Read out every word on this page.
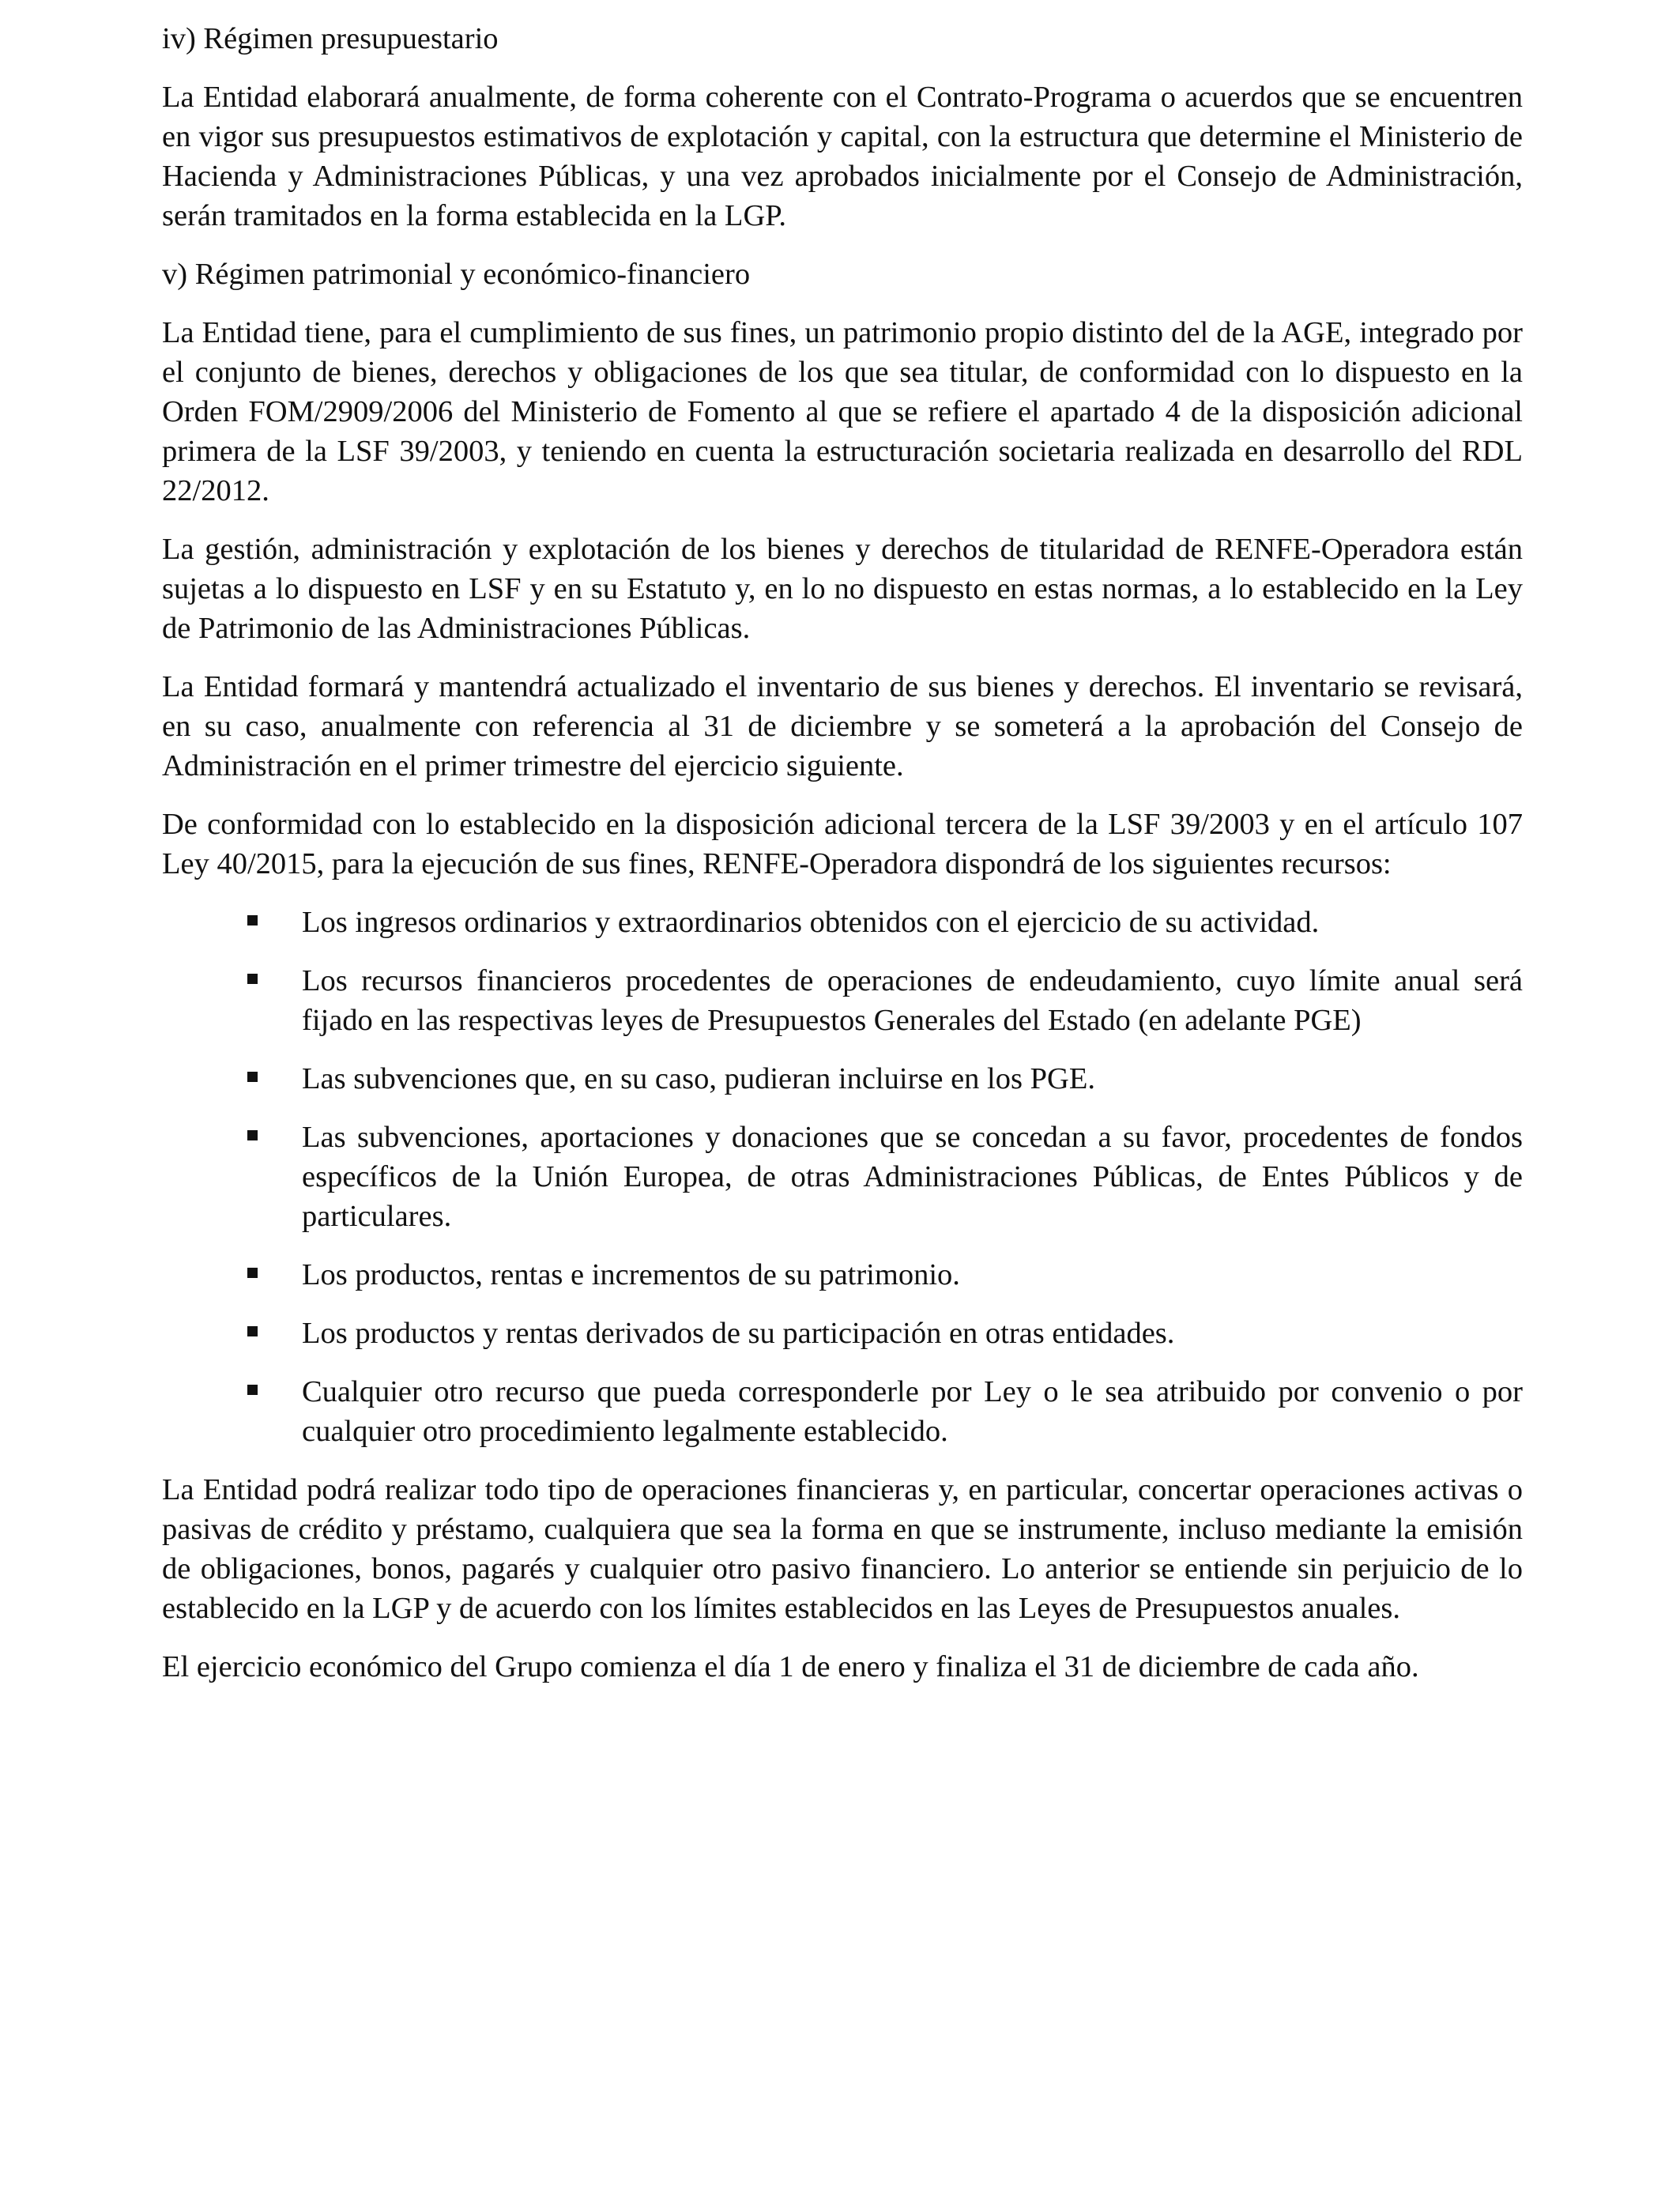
iv) Régimen presupuestario

La Entidad elaborará anualmente, de forma coherente con el Contrato-Programa o acuerdos que se encuentren en vigor sus presupuestos estimativos de explotación y capital, con la estructura que determine el Ministerio de Hacienda y Administraciones Públicas, y una vez aprobados inicialmente por el Consejo de Administración, serán tramitados en la forma establecida en la LGP.

v) Régimen patrimonial y económico-financiero

La Entidad tiene, para el cumplimiento de sus fines, un patrimonio propio distinto del de la AGE, integrado por el conjunto de bienes, derechos y obligaciones de los que sea titular, de conformidad con lo dispuesto en la Orden FOM/2909/2006 del Ministerio de Fomento al que se refiere el apartado 4 de la disposición adicional primera de la LSF 39/2003, y teniendo en cuenta la estructuración societaria realizada en desarrollo del RDL 22/2012.

La gestión, administración y explotación de los bienes y derechos de titularidad de RENFE-Operadora están sujetas a lo dispuesto en LSF y en su Estatuto y, en lo no dispuesto en estas normas, a lo establecido en la Ley de Patrimonio de las Administraciones Públicas.

La Entidad formará y mantendrá actualizado el inventario de sus bienes y derechos. El inventario se revisará, en su caso, anualmente con referencia al 31 de diciembre y se someterá a la aprobación del Consejo de Administración en el primer trimestre del ejercicio siguiente.

De conformidad con lo establecido en la disposición adicional tercera de la LSF 39/2003 y en el artículo 107 Ley 40/2015, para la ejecución de sus fines, RENFE-Operadora dispondrá de los siguientes recursos:

Los ingresos ordinarios y extraordinarios obtenidos con el ejercicio de su actividad.
Los recursos financieros procedentes de operaciones de endeudamiento, cuyo límite anual será fijado en las respectivas leyes de Presupuestos Generales del Estado (en adelante PGE)
Las subvenciones que, en su caso, pudieran incluirse en los PGE.
Las subvenciones, aportaciones y donaciones que se concedan a su favor, procedentes de fondos específicos de la Unión Europea, de otras Administraciones Públicas, de Entes Públicos y de particulares.
Los productos, rentas e incrementos de su patrimonio.
Los productos y rentas derivados de su participación en otras entidades.
Cualquier otro recurso que pueda corresponderle por Ley o le sea atribuido por convenio o por cualquier otro procedimiento legalmente establecido.

La Entidad podrá realizar todo tipo de operaciones financieras y, en particular, concertar operaciones activas o pasivas de crédito y préstamo, cualquiera que sea la forma en que se instrumente, incluso mediante la emisión de obligaciones, bonos, pagarés y cualquier otro pasivo financiero. Lo anterior se entiende sin perjuicio de lo establecido en la LGP y de acuerdo con los límites establecidos en las Leyes de Presupuestos anuales.

El ejercicio económico del Grupo comienza el día 1 de enero y finaliza el 31 de diciembre de cada año.
